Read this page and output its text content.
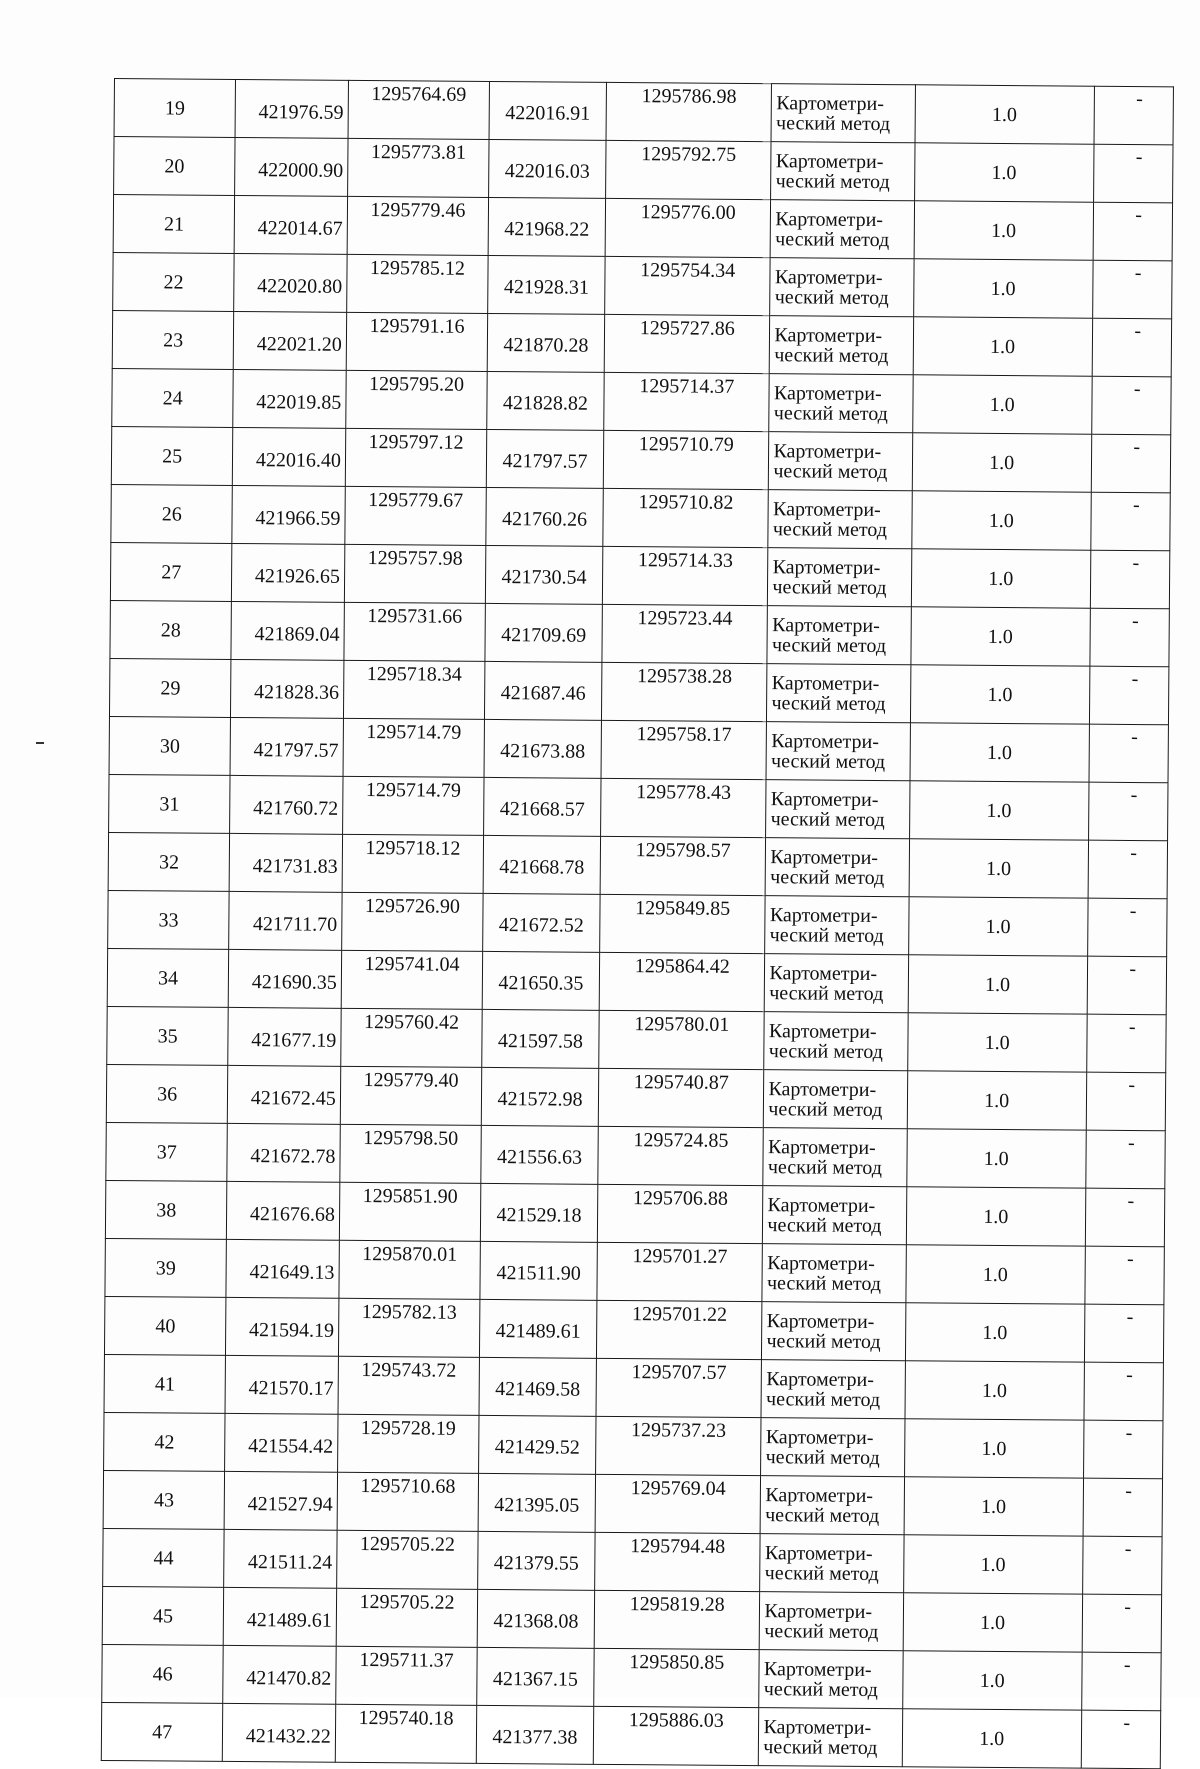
19	421976.59	1295764.69	422016.91	1295786.98	Картометри-
ческий метод	1.0	-
20	422000.90	1295773.81	422016.03	1295792.75	Картометри-
ческий метод	1.0	-
21	422014.67	1295779.46	421968.22	1295776.00	Картометри-
ческий метод	1.0	-
22	422020.80	1295785.12	421928.31	1295754.34	Картометри-
ческий метод	1.0	-
23	422021.20	1295791.16	421870.28	1295727.86	Картометри-
ческий метод	1.0	-
24	422019.85	1295795.20	421828.82	1295714.37	Картометри-
ческий метод	1.0	-
25	422016.40	1295797.12	421797.57	1295710.79	Картометри-
ческий метод	1.0	-
26	421966.59	1295779.67	421760.26	1295710.82	Картометри-
ческий метод	1.0	-
27	421926.65	1295757.98	421730.54	1295714.33	Картометри-
ческий метод	1.0	-
28	421869.04	1295731.66	421709.69	1295723.44	Картометри-
ческий метод	1.0	-
29	421828.36	1295718.34	421687.46	1295738.28	Картометри-
ческий метод	1.0	-
30	421797.57	1295714.79	421673.88	1295758.17	Картометри-
ческий метод	1.0	-
31	421760.72	1295714.79	421668.57	1295778.43	Картометри-
ческий метод	1.0	-
32	421731.83	1295718.12	421668.78	1295798.57	Картометри-
ческий метод	1.0	-
33	421711.70	1295726.90	421672.52	1295849.85	Картометри-
ческий метод	1.0	-
34	421690.35	1295741.04	421650.35	1295864.42	Картометри-
ческий метод	1.0	-
35	421677.19	1295760.42	421597.58	1295780.01	Картометри-
ческий метод	1.0	-
36	421672.45	1295779.40	421572.98	1295740.87	Картометри-
ческий метод	1.0	-
37	421672.78	1295798.50	421556.63	1295724.85	Картометри-
ческий метод	1.0	-
38	421676.68	1295851.90	421529.18	1295706.88	Картометри-
ческий метод	1.0	-
39	421649.13	1295870.01	421511.90	1295701.27	Картометри-
ческий метод	1.0	-
40	421594.19	1295782.13	421489.61	1295701.22	Картометри-
ческий метод	1.0	-
41	421570.17	1295743.72	421469.58	1295707.57	Картометри-
ческий метод	1.0	-
42	421554.42	1295728.19	421429.52	1295737.23	Картометри-
ческий метод	1.0	-
43	421527.94	1295710.68	421395.05	1295769.04	Картометри-
ческий метод	1.0	-
44	421511.24	1295705.22	421379.55	1295794.48	Картометри-
ческий метод	1.0	-
45	421489.61	1295705.22	421368.08	1295819.28	Картометри-
ческий метод	1.0	-
46	421470.82	1295711.37	421367.15	1295850.85	Картометри-
ческий метод	1.0	-
47	421432.22	1295740.18	421377.38	1295886.03	Картометри-
ческий метод	1.0	-
